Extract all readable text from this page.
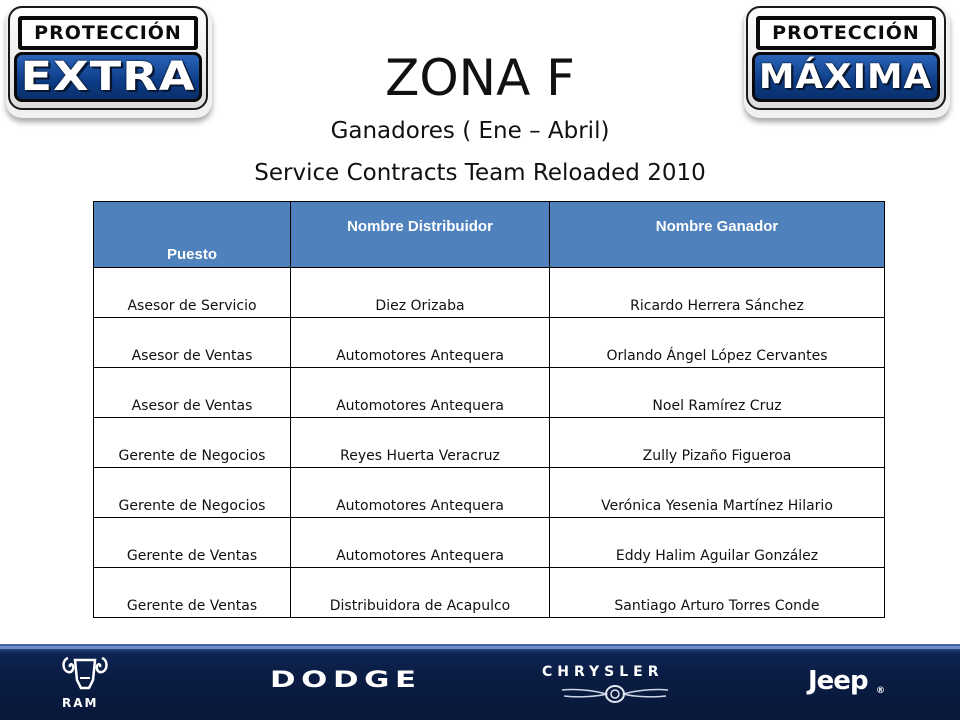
PROTECCIÓN
EXTRA
PROTECCIÓN
MÁXIMA
ZONA F
Ganadores ( Ene – Abril)
Service Contracts Team Reloaded 2010
Puesto	Nombre Distribuidor	Nombre Ganador
Asesor de Servicio	Diez Orizaba	Ricardo Herrera Sánchez
Asesor de Ventas	Automotores Antequera	Orlando Ángel López Cervantes
Asesor de Ventas	Automotores Antequera	Noel Ramírez Cruz
Gerente de Negocios	Reyes Huerta Veracruz	Zully Pizaño Figueroa
Gerente de Negocios	Automotores Antequera	Verónica Yesenia Martínez Hilario
Gerente de Ventas	Automotores Antequera	Eddy Halim Aguilar González
Gerente de Ventas	Distribuidora de Acapulco	Santiago Arturo Torres Conde
RAM
DODGE	CHRYSLER	Jeep ®
